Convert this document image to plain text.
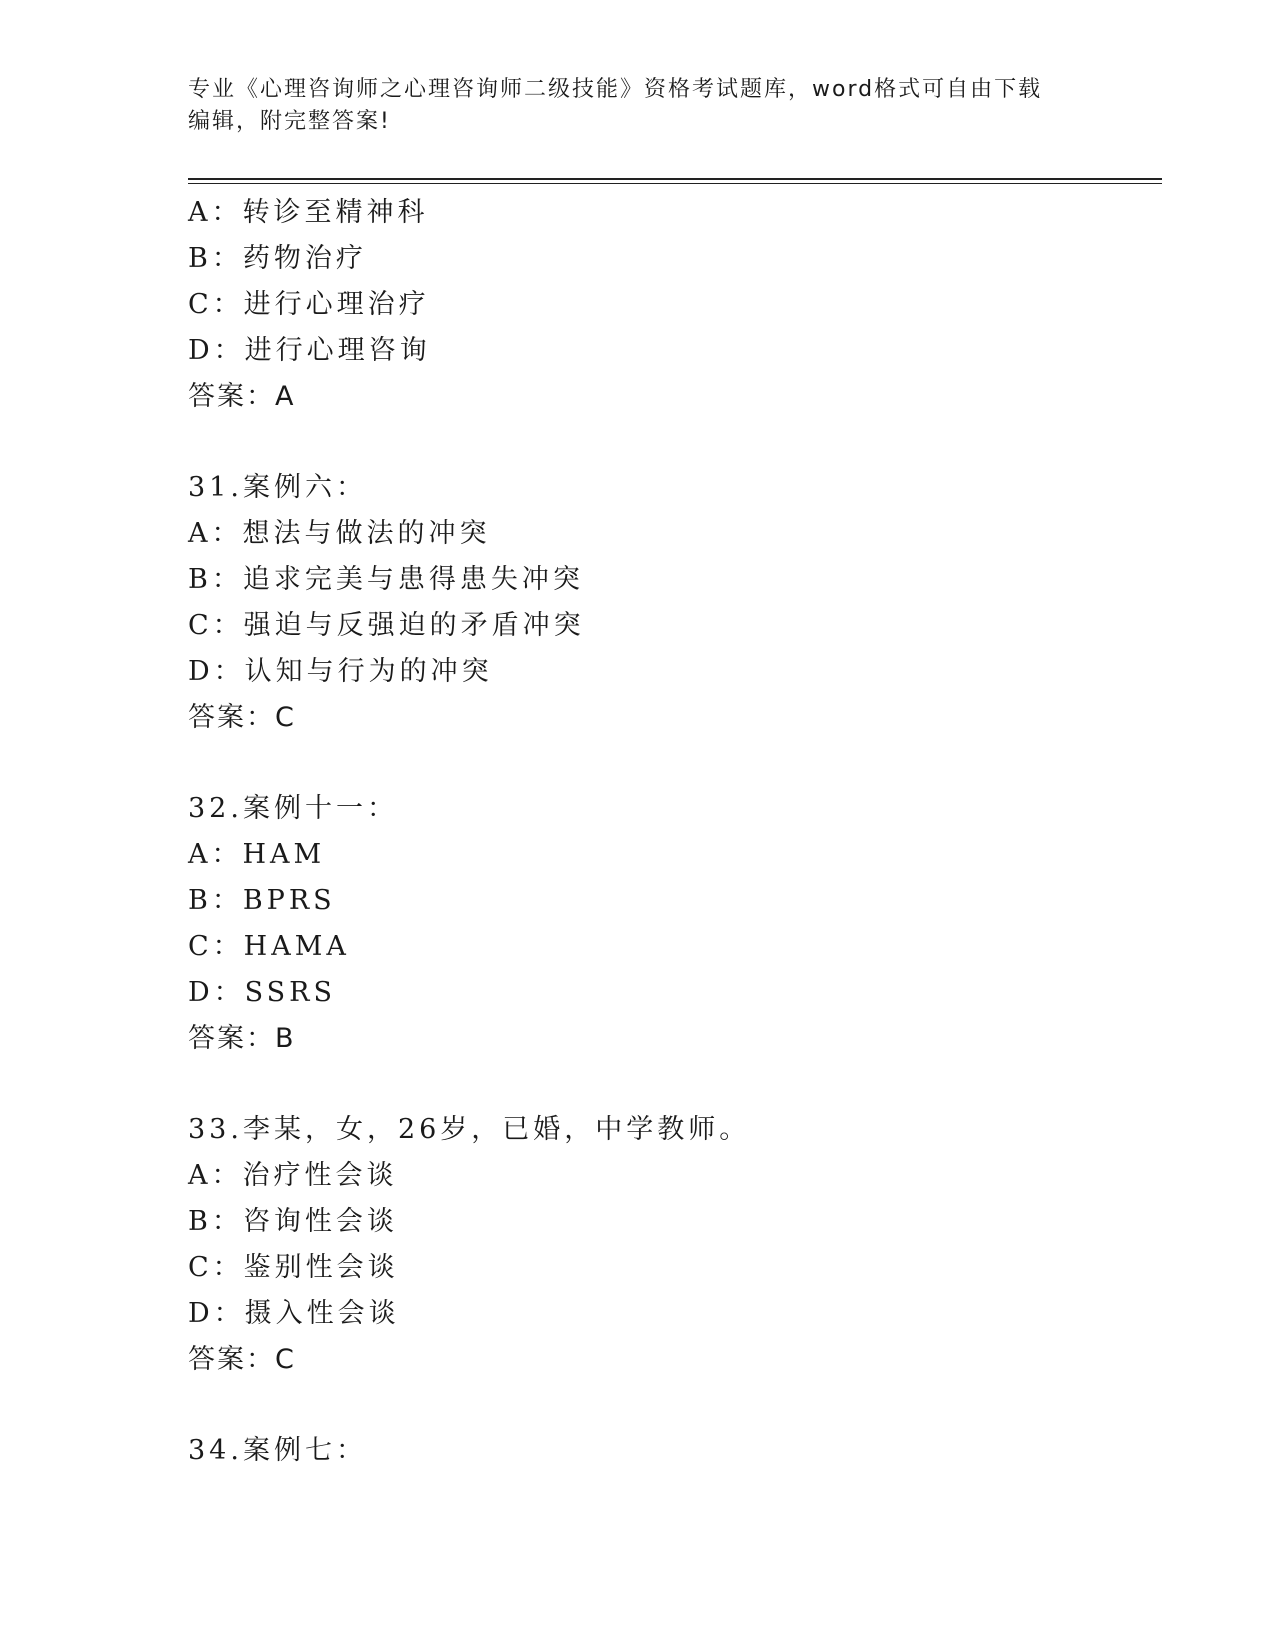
专业《心理咨询师之心理咨询师二级技能》资格考试题库，word格式可自由下载
编辑，附完整答案!
A：转诊至精神科
B：药物治疗
C：进行心理治疗
D：进行心理咨询
答案：A
31.案例六：
A：想法与做法的冲突
B：追求完美与患得患失冲突
C：强迫与反强迫的矛盾冲突
D：认知与行为的冲突
答案：C
32.案例十一：
A：HAM
B：BPRS
C：HAMA
D：SSRS
答案：B
33.李某，女，26岁，已婚，中学教师。
A：治疗性会谈
B：咨询性会谈
C：鉴别性会谈
D：摄入性会谈
答案：C
34.案例七：
